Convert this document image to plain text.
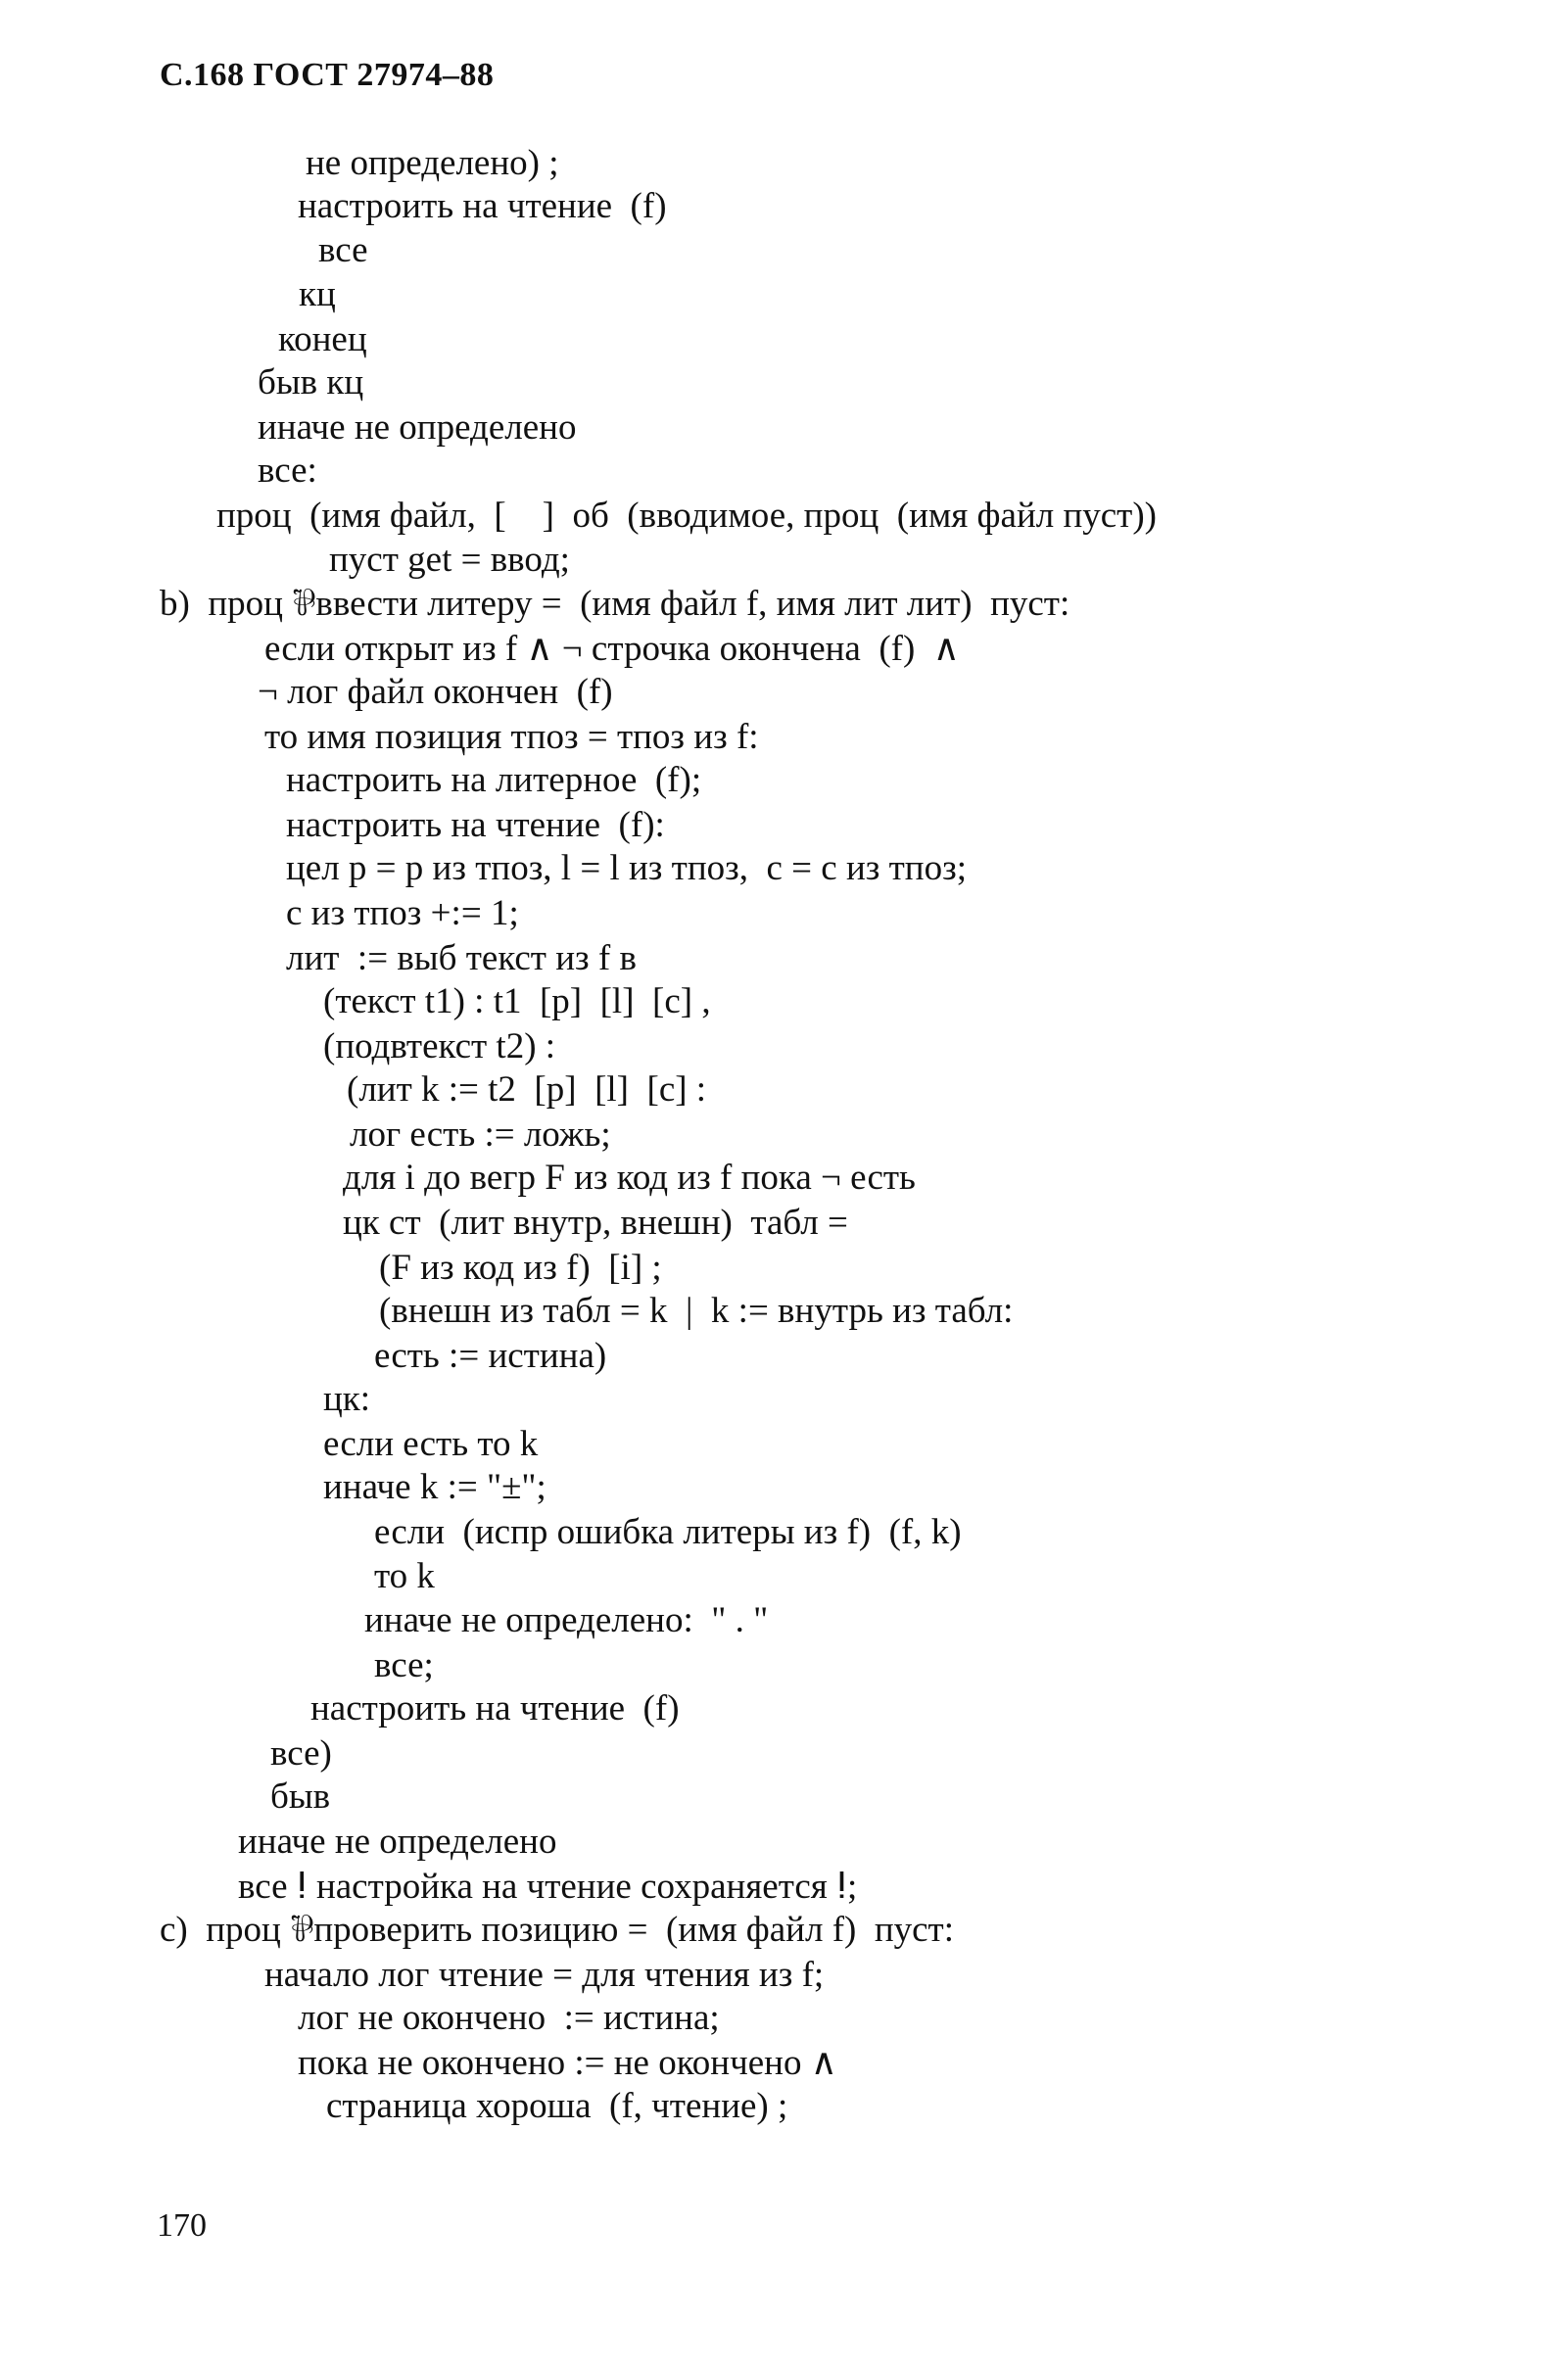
С.168 ГОСТ 27974–88
не определено) ;
настроить на чтение  (f)
все
кц
конец
быв кц
иначе не определено
все:
проц  (имя файл,  [    ]  об  (вводимое, проц  (имя файл пуст))
пуст get = ввод;
b)  проц ⅌ввести литеру =  (имя файл f, имя лит лит)  пуст:
если открыт из f ∧ ¬ строчка окончена  (f)  ∧
¬ лог файл окончен  (f)
то имя позиция тпоз = тпоз из f:
настроить на литерное  (f);
настроить на чтение  (f):
цел p = p из тпоз, l = l из тпоз,  c = c из тпоз;
c из тпоз +:= 1;
лит  := выб текст из f в
(текст t1) : t1  [p]  [l]  [c] ,
(подвтекст t2) :
(лит k := t2  [p]  [l]  [c] :
лог есть := ложь;
для i до вегр F из код из f пока ¬ есть
цк ст  (лит внутр, внешн)  табл =
(F из код из f)  [i] ;
(внешн из табл = k  |  k := внутрь из табл:
есть := истина)
цк:
если есть то k
иначе k := "±";
если  (испр ошибка литеры из f)  (f, k)
то k
иначе не определено:  " . "
все;
настроить на чтение  (f)
все)
быв
иначе не определено
все ⵑ настройка на чтение сохраняется ⵑ;
c)  проц ⅌проверить позицию =  (имя файл f)  пуст:
начало лог чтение = для чтения из f;
лог не окончено  := истина;
пока не окончено := не окончено ∧
страница хороша  (f, чтение) ;
170
